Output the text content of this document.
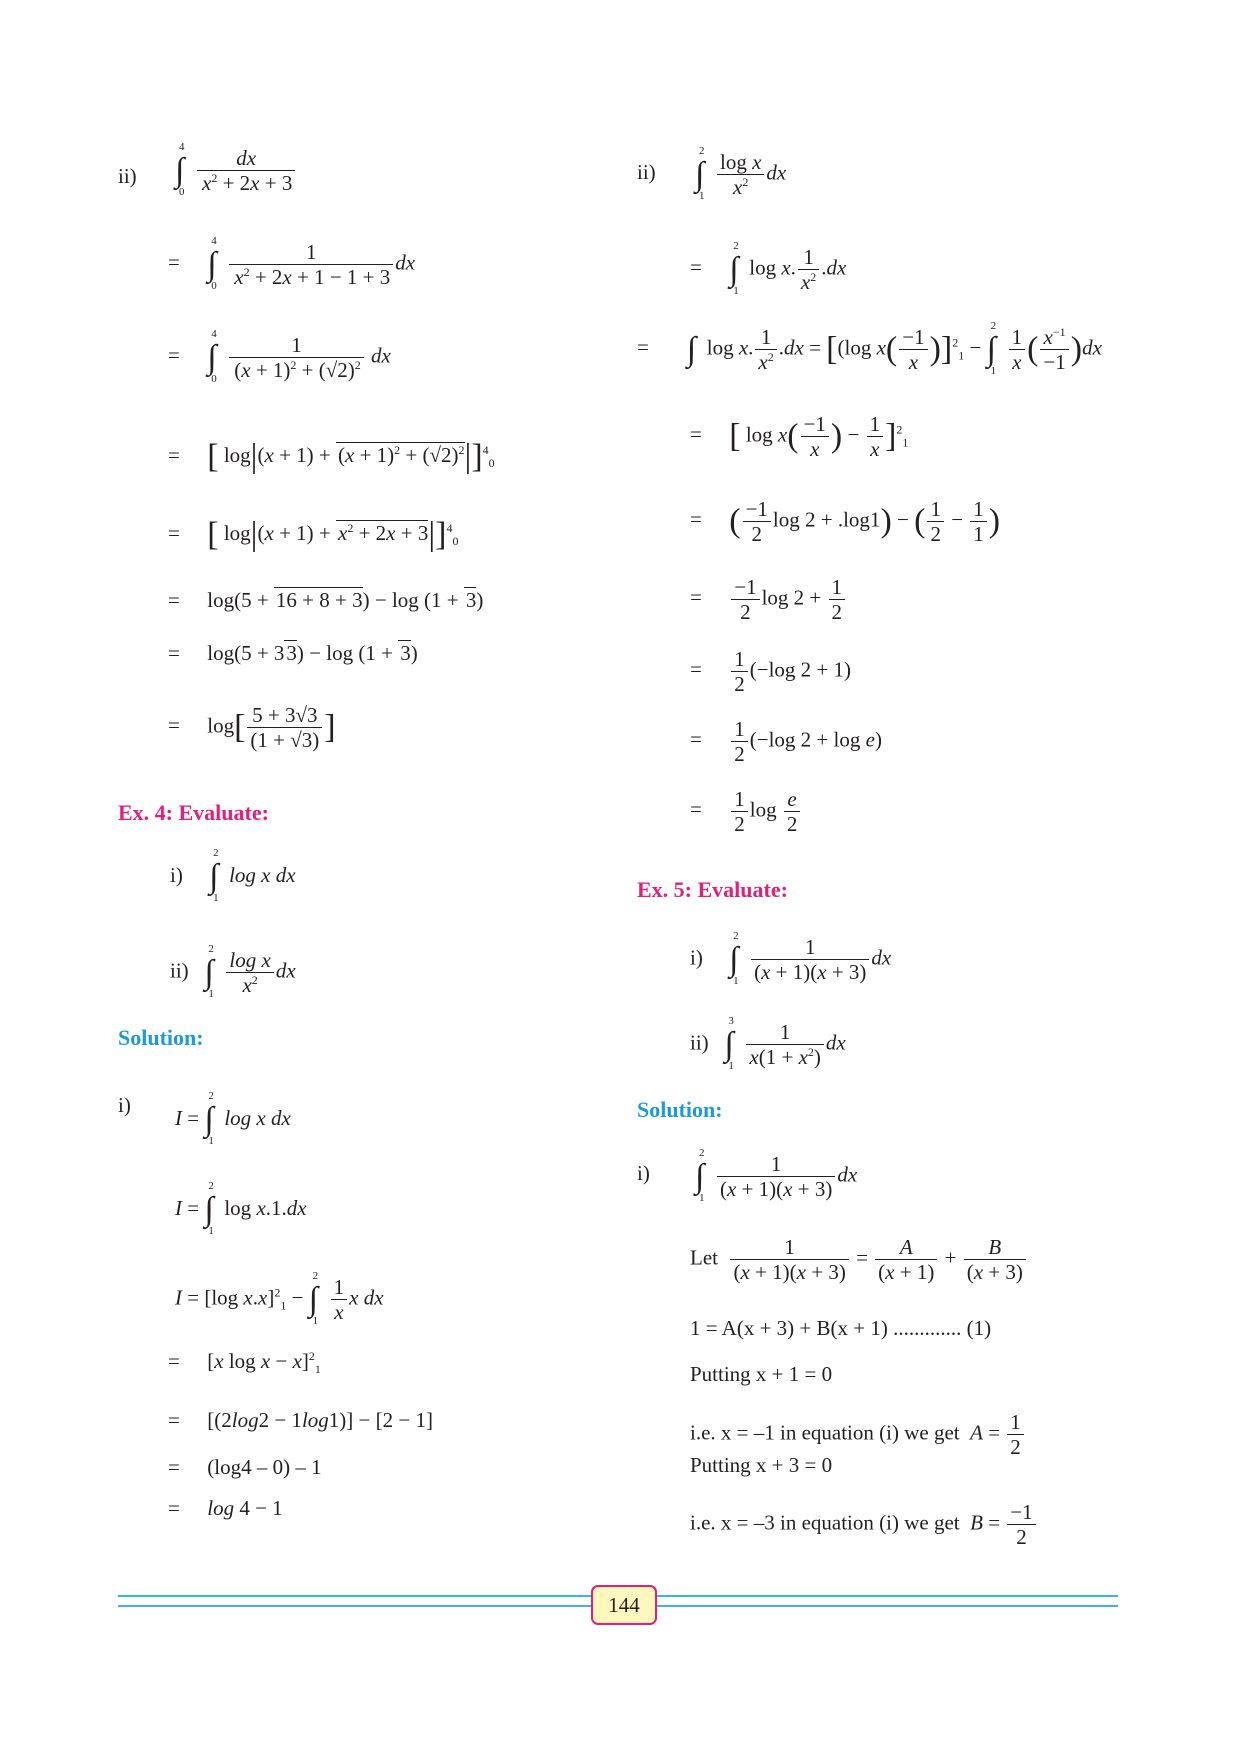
ii) ∫
4
$0 \frac{dx}{x^2 + 2x + 3}$
= ∫
4
$0 \frac{1}{x^2 + 2x + 1 - 1 + 3}$ dx
= ∫
4
$0 \frac{1}{(x + 1)^2 + (√2)^2}$ dx
= [ $\log|(x + 1) + (x + 1)^2 + (√2)^2|]^4_0$
= [ $\log|(x + 1) + x^2 + 2x + 3|]^4_0$
= log(5 + 16 + 8 + 3) − log (1 + 3)
= log(5 + 33) − log (1 + 3)
= $\log[ \frac{5 + 3√3}{(1 + √3)}$ ]
Ex. 4: Evaluate:
i) ∫
2
1
log x dx
ii) ∫
2
$1 \frac{\text{log x}}{x^2}$ dx
Solution:
i)
I = ∫
2
1
log x dx
I = ∫
2
1
log x.1.dx
I = [log x.x]$^2_1$ − ∫
2
$1 \frac{1}{x}$ x dx
= [x log x − x]$^2_1$
= [(2log2 − 1log1)] − [2 − 1]
= (log4 – 0) – 1
= log 4 − 1
ii) ∫
2
$1 \frac{\text{log x}}{x^2}$ dx
= ∫
2
1
log x. $\frac{1}{x^2} .dx$
= ∫ log x. $\frac{1}{x^2} .dx = [(\log$ $x( \frac{-1}{x} )]^2_1$ − ∫
2
$1 \frac{1}{x}$ ( $\frac{x^{-1}}{-1} )dx$
= [ $\log x( \frac{-1}{x}$ ) − $\frac{1}{x} ]^2_1$
= ( $\frac{-1}{2}$ log 2 + .log1) − ( $\frac{1}{2} - \frac{1}{1}$ )
= $\frac{-1}{2}$ $\log 2 + \frac{1}{2}$
= $\frac{1}{2} (-\log$ 2 + 1)
= $\frac{1}{2} (-\log$ 2 + log e)
= $\frac{1}{2}$ $\log \frac{e}{2}$
Ex. 5: Evaluate:
i) ∫
2
$1 \frac{1}{(x + 1)(x + 3)}$ dx
ii) ∫
3
$1 \frac{1}{x(1 + x^2)}$ dx
Solution:
i) ∫
2
$1 \frac{1}{(x + 1)(x + 3)}$ dx
Let $\frac{1}{(x + 1)(x + 3)} = \frac{A}{(x + 1)} + \frac{B}{(x + 3)}$
1 = A(x + 3) + B(x + 1) ............. (1)
Putting x + 1 = 0
i.e. x = –1 in equation (i) we get $A = \frac{1}{2}$
Putting x + 3 = 0
i.e. x = –3 in equation (i) we get $B = \frac{-1}{2}$
144
